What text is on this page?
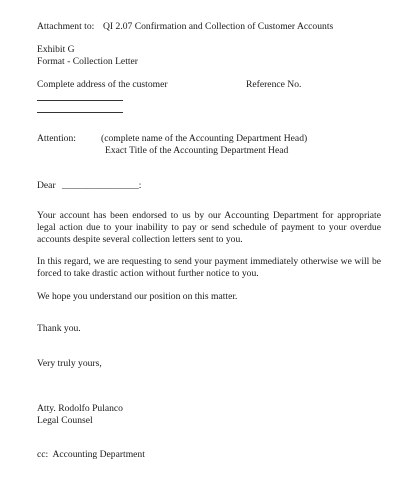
Attachment to: QI 2.07 Confirmation and Collection of Customer Accounts
Exhibit G
Format - Collection Letter
Complete address of the customer	Reference No.
Attention:	(complete name of the Accounting Department Head)
Exact Title of the Accounting Department Head
Dear ________________:
Your account has been endorsed to us by our Accounting Department for appropriate legal action due to your inability to pay or send schedule of payment to your overdue accounts despite several collection letters sent to you.
In this regard, we are requesting to send your payment immediately otherwise we will be forced to take drastic action without further notice to you.
We hope you understand our position on this matter.
Thank you.
Very truly yours,
Atty. Rodolfo Pulanco
Legal Counsel
cc:  Accounting Department
